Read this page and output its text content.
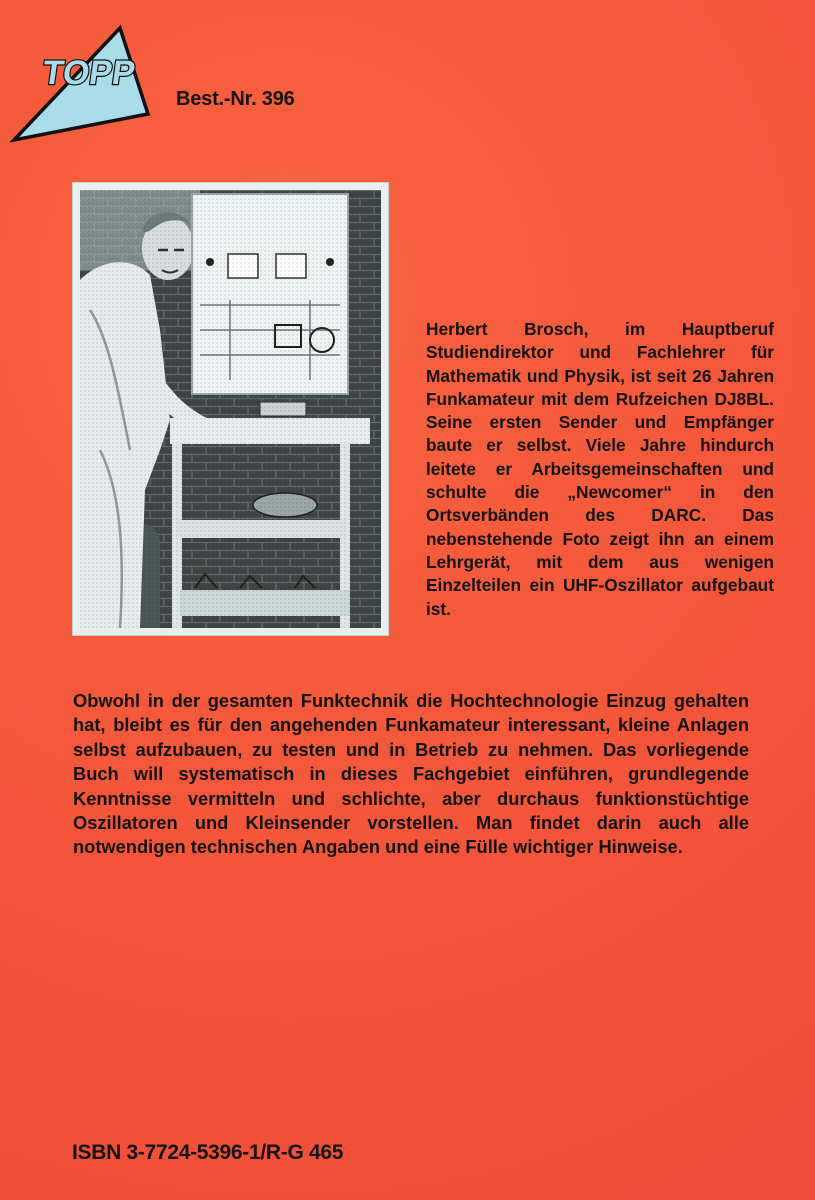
TOPP
Best.-Nr. 396

Herbert Brosch, im Hauptberuf Studiendirektor und Fachlehrer für Mathematik und Physik, ist seit 26 Jahren Funkamateur mit dem Rufzeichen DJ8BL. Seine ersten Sender und Empfänger baute er selbst. Viele Jahre hindurch leitete er Arbeitsgemeinschaften und schulte die „Newcomer“ in den Ortsverbänden des DARC. Das nebenstehende Foto zeigt ihn an einem Lehrgerät, mit dem aus wenigen Einzelteilen ein UHF-Oszillator aufgebaut ist.

Obwohl in der gesamten Funktechnik die Hochtechnologie Einzug gehalten hat, bleibt es für den angehenden Funkamateur interessant, kleine Anlagen selbst aufzubauen, zu testen und in Betrieb zu nehmen. Das vorliegende Buch will systematisch in dieses Fachgebiet einführen, grundlegende Kenntnisse vermitteln und schlichte, aber durchaus funktionstüchtige Oszillatoren und Kleinsender vorstellen. Man findet darin auch alle notwendigen technischen Angaben und eine Fülle wichtiger Hinweise.

ISBN 3-7724-5396-1/R-G 465
